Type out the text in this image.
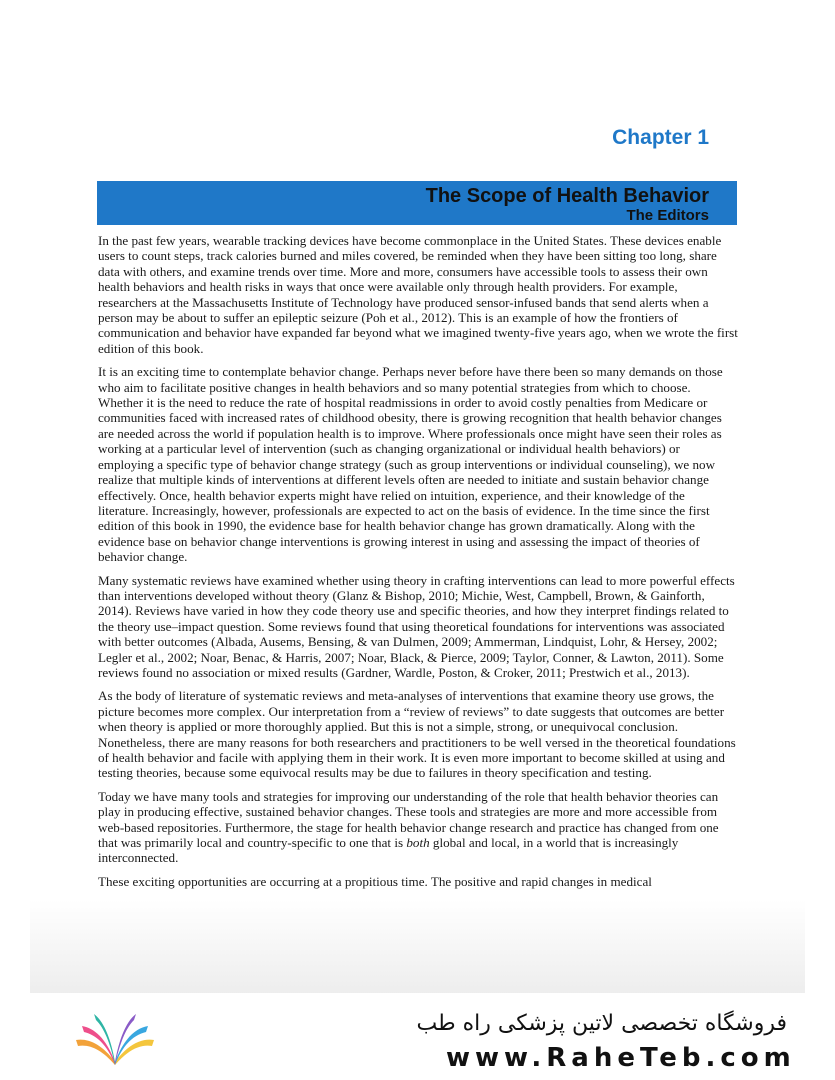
Chapter 1
The Scope of Health Behavior
The Editors

In the past few years, wearable tracking devices have become commonplace in the United States. These devices enable users to count steps, track calories burned and miles covered, be reminded when they have been sitting too long, share data with others, and examine trends over time. More and more, consumers have accessible tools to assess their own health behaviors and health risks in ways that once were available only through health providers. For example, researchers at the Massachusetts Institute of Technology have produced sensor-infused bands that send alerts when a person may be about to suffer an epileptic seizure (Poh et al., 2012). This is an example of how the frontiers of communication and behavior have expanded far beyond what we imagined twenty-five years ago, when we wrote the first edition of this book.

It is an exciting time to contemplate behavior change. Perhaps never before have there been so many demands on those who aim to facilitate positive changes in health behaviors and so many potential strategies from which to choose. Whether it is the need to reduce the rate of hospital readmissions in order to avoid costly penalties from Medicare or communities faced with increased rates of childhood obesity, there is growing recognition that health behavior changes are needed across the world if population health is to improve. Where professionals once might have seen their roles as working at a particular level of intervention (such as changing organizational or individual health behaviors) or employing a specific type of behavior change strategy (such as group interventions or individual counseling), we now realize that multiple kinds of interventions at different levels often are needed to initiate and sustain behavior change effectively. Once, health behavior experts might have relied on intuition, experience, and their knowledge of the literature. Increasingly, however, professionals are expected to act on the basis of evidence. In the time since the first edition of this book in 1990, the evidence base for health behavior change has grown dramatically. Along with the evidence base on behavior change interventions is growing interest in using and assessing the impact of theories of behavior change.

Many systematic reviews have examined whether using theory in crafting interventions can lead to more powerful effects than interventions developed without theory (Glanz & Bishop, 2010; Michie, West, Campbell, Brown, & Gainforth, 2014). Reviews have varied in how they code theory use and specific theories, and how they interpret findings related to the theory use–impact question. Some reviews found that using theoretical foundations for interventions was associated with better outcomes (Albada, Ausems, Bensing, & van Dulmen, 2009; Ammerman, Lindquist, Lohr, & Hersey, 2002; Legler et al., 2002; Noar, Benac, & Harris, 2007; Noar, Black, & Pierce, 2009; Taylor, Conner, & Lawton, 2011). Some reviews found no association or mixed results (Gardner, Wardle, Poston, & Croker, 2011; Prestwich et al., 2013).

As the body of literature of systematic reviews and meta-analyses of interventions that examine theory use grows, the picture becomes more complex. Our interpretation from a “review of reviews” to date suggests that outcomes are better when theory is applied or more thoroughly applied. But this is not a simple, strong, or unequivocal conclusion. Nonetheless, there are many reasons for both researchers and practitioners to be well versed in the theoretical foundations of health behavior and facile with applying them in their work. It is even more important to become skilled at using and testing theories, because some equivocal results may be due to failures in theory specification and testing.

Today we have many tools and strategies for improving our understanding of the role that health behavior theories can play in producing effective, sustained behavior changes. These tools and strategies are more and more accessible from web-based repositories. Furthermore, the stage for health behavior change research and practice has changed from one that was primarily local and country-specific to one that is both global and local, in a world that is increasingly interconnected.

These exciting opportunities are occurring at a propitious time. The positive and rapid changes in medical

فروشگاه تخصصی لاتین پزشکی راه طب
www.RaheTeb.com
